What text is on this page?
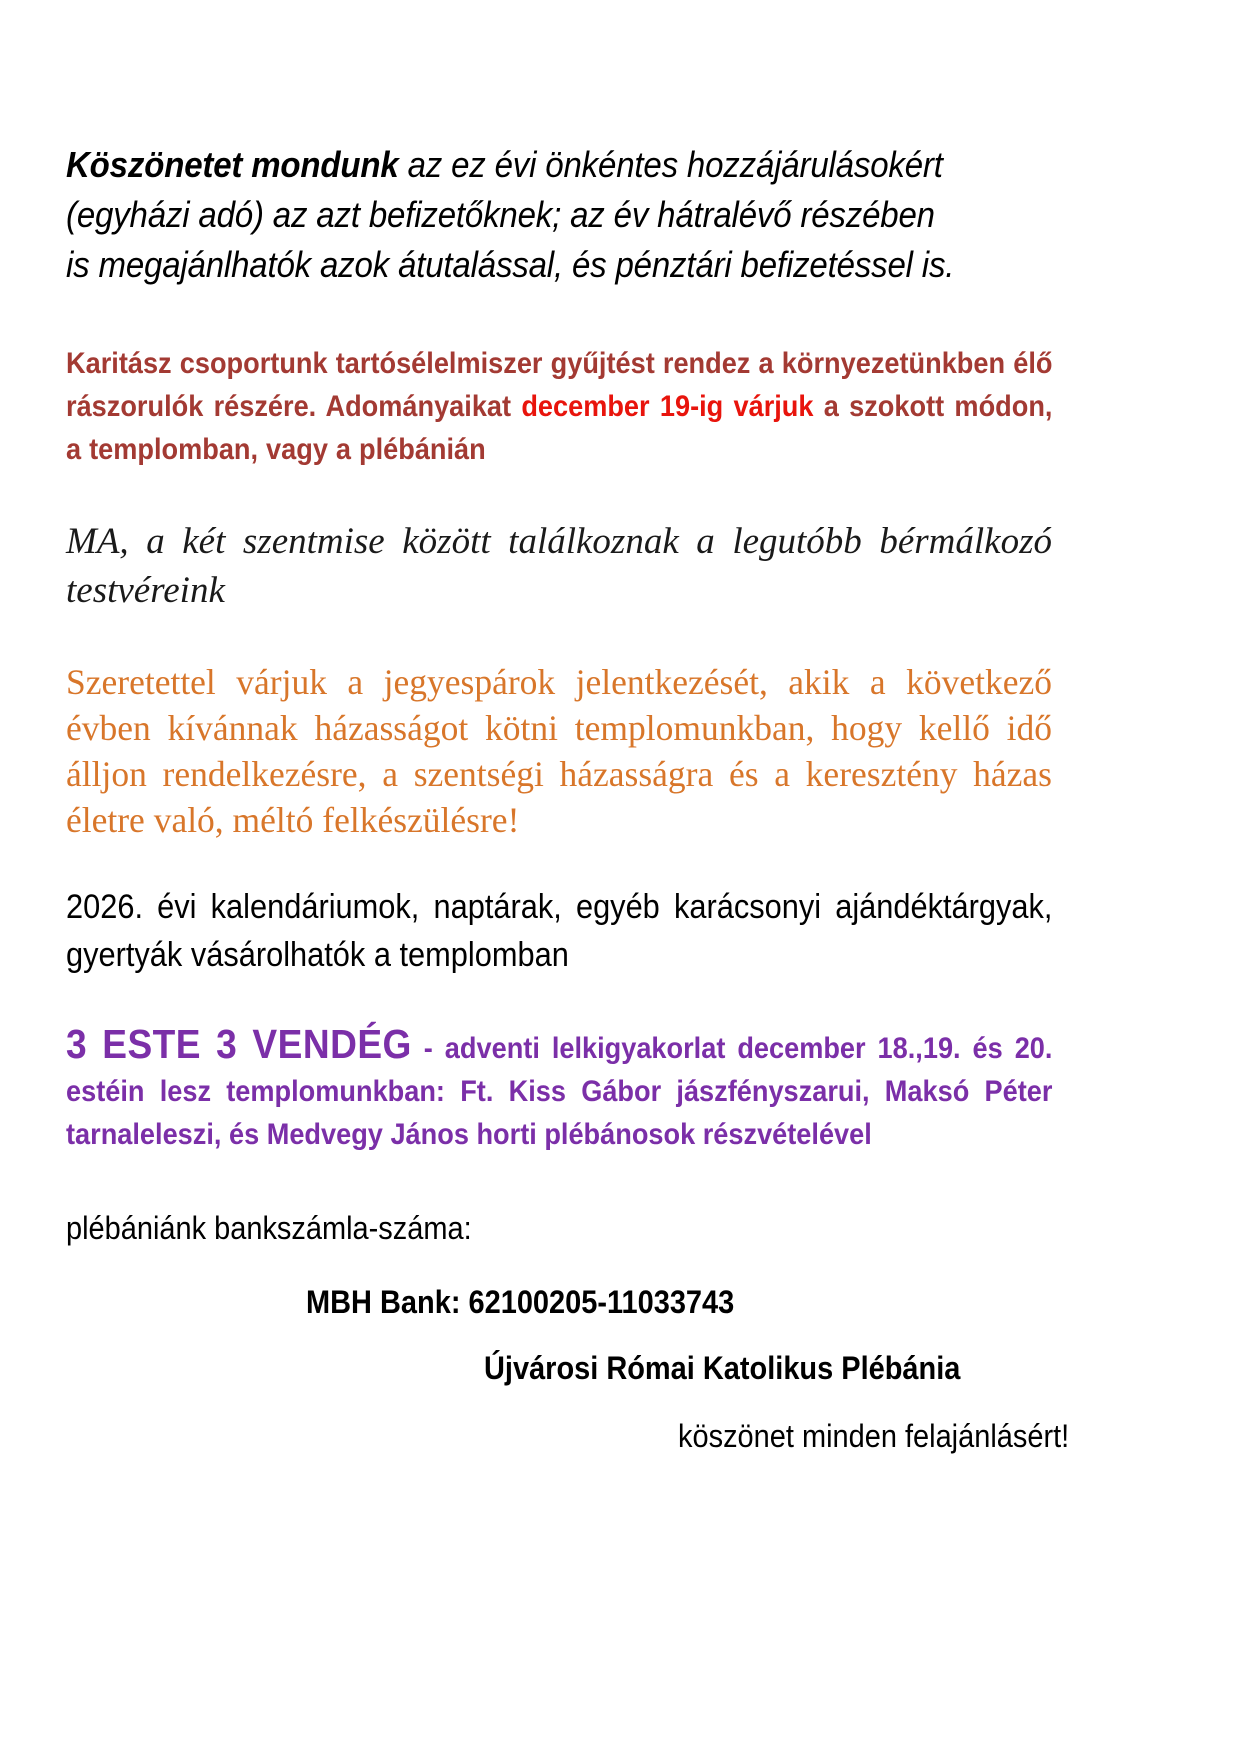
Köszönetet mondunk az ez évi önkéntes hozzájárulásokért (egyházi adó) az azt befizetőknek; az év hátralévő részében is megajánlhatók azok átutalással, és pénztári befizetéssel is.

Karitász csoportunk tartósélelmiszer gyűjtést rendez a környezetünkben élő rászorulók részére. Adományaikat december 19-ig várjuk a szokott módon, a templomban, vagy a plébánián

MA, a két szentmise között találkoznak a legutóbb bérmálkozó testvéreink

Szeretettel várjuk a jegyespárok jelentkezését, akik a következő évben kívánnak házasságot kötni templomunkban, hogy kellő idő álljon rendelkezésre, a szentségi házasságra és a keresztény házas életre való, méltó felkészülésre!

2026. évi kalendáriumok, naptárak, egyéb karácsonyi ajándéktárgyak, gyertyák vásárolhatók a templomban

3 ESTE 3 VENDÉG - adventi lelkigyakorlat december 18.,19. és 20. estéin lesz templomunkban: Ft. Kiss Gábor jászfényszarui, Maksó Péter tarnaleleszi, és Medvegy János horti plébánosok részvételével

plébániánk bankszámla-száma:

MBH Bank: 62100205-11033743

Újvárosi Római Katolikus Plébánia

köszönet minden felajánlásért!
